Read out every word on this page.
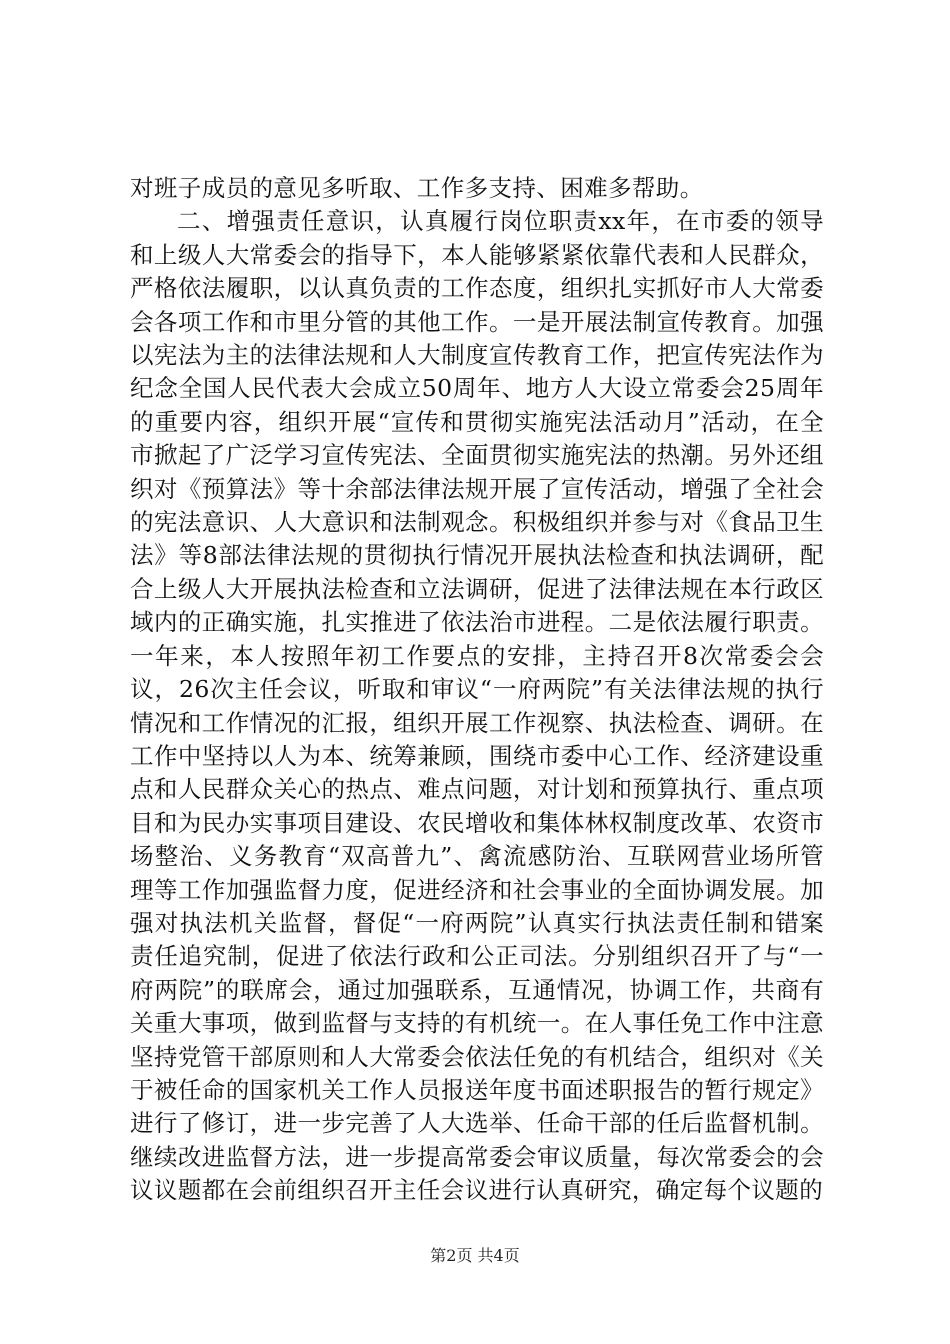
对班子成员的意见多听取、工作多支持、困难多帮助。

二、增强责任意识，认真履行岗位职责xx年，在市委的领导和上级人大常委会的指导下，本人能够紧紧依靠代表和人民群众，严格依法履职，以认真负责的工作态度，组织扎实抓好市人大常委会各项工作和市里分管的其他工作。一是开展法制宣传教育。加强以宪法为主的法律法规和人大制度宣传教育工作，把宣传宪法作为纪念全国人民代表大会成立50周年、地方人大设立常委会25周年的重要内容，组织开展“宣传和贯彻实施宪法活动月”活动，在全市掀起了广泛学习宣传宪法、全面贯彻实施宪法的热潮。另外还组织对《预算法》等十余部法律法规开展了宣传活动，增强了全社会的宪法意识、人大意识和法制观念。积极组织并参与对《食品卫生法》等8部法律法规的贯彻执行情况开展执法检查和执法调研，配合上级人大开展执法检查和立法调研，促进了法律法规在本行政区域内的正确实施，扎实推进了依法治市进程。二是依法履行职责。一年来，本人按照年初工作要点的安排，主持召开8次常委会会议，26次主任会议，听取和审议“一府两院”有关法律法规的执行情况和工作情况的汇报，组织开展工作视察、执法检查、调研。在工作中坚持以人为本、统筹兼顾，围绕市委中心工作、经济建设重点和人民群众关心的热点、难点问题，对计划和预算执行、重点项目和为民办实事项目建设、农民增收和集体林权制度改革、农资市场整治、义务教育“双高普九”、禽流感防治、互联网营业场所管理等工作加强监督力度，促进经济和社会事业的全面协调发展。加强对执法机关监督，督促“一府两院”认真实行执法责任制和错案责任追究制，促进了依法行政和公正司法。分别组织召开了与“一府两院”的联席会，通过加强联系，互通情况，协调工作，共商有关重大事项，做到监督与支持的有机统一。在人事任免工作中注意坚持党管干部原则和人大常委会依法任免的有机结合，组织对《关于被任命的国家机关工作人员报送年度书面述职报告的暂行规定》进行了修订，进一步完善了人大选举、任命干部的任后监督机制。继续改进监督方法，进一步提高常委会审议质量，每次常委会的会议议题都在会前组织召开主任会议进行认真研究，确定每个议题的

第2页 共4页
